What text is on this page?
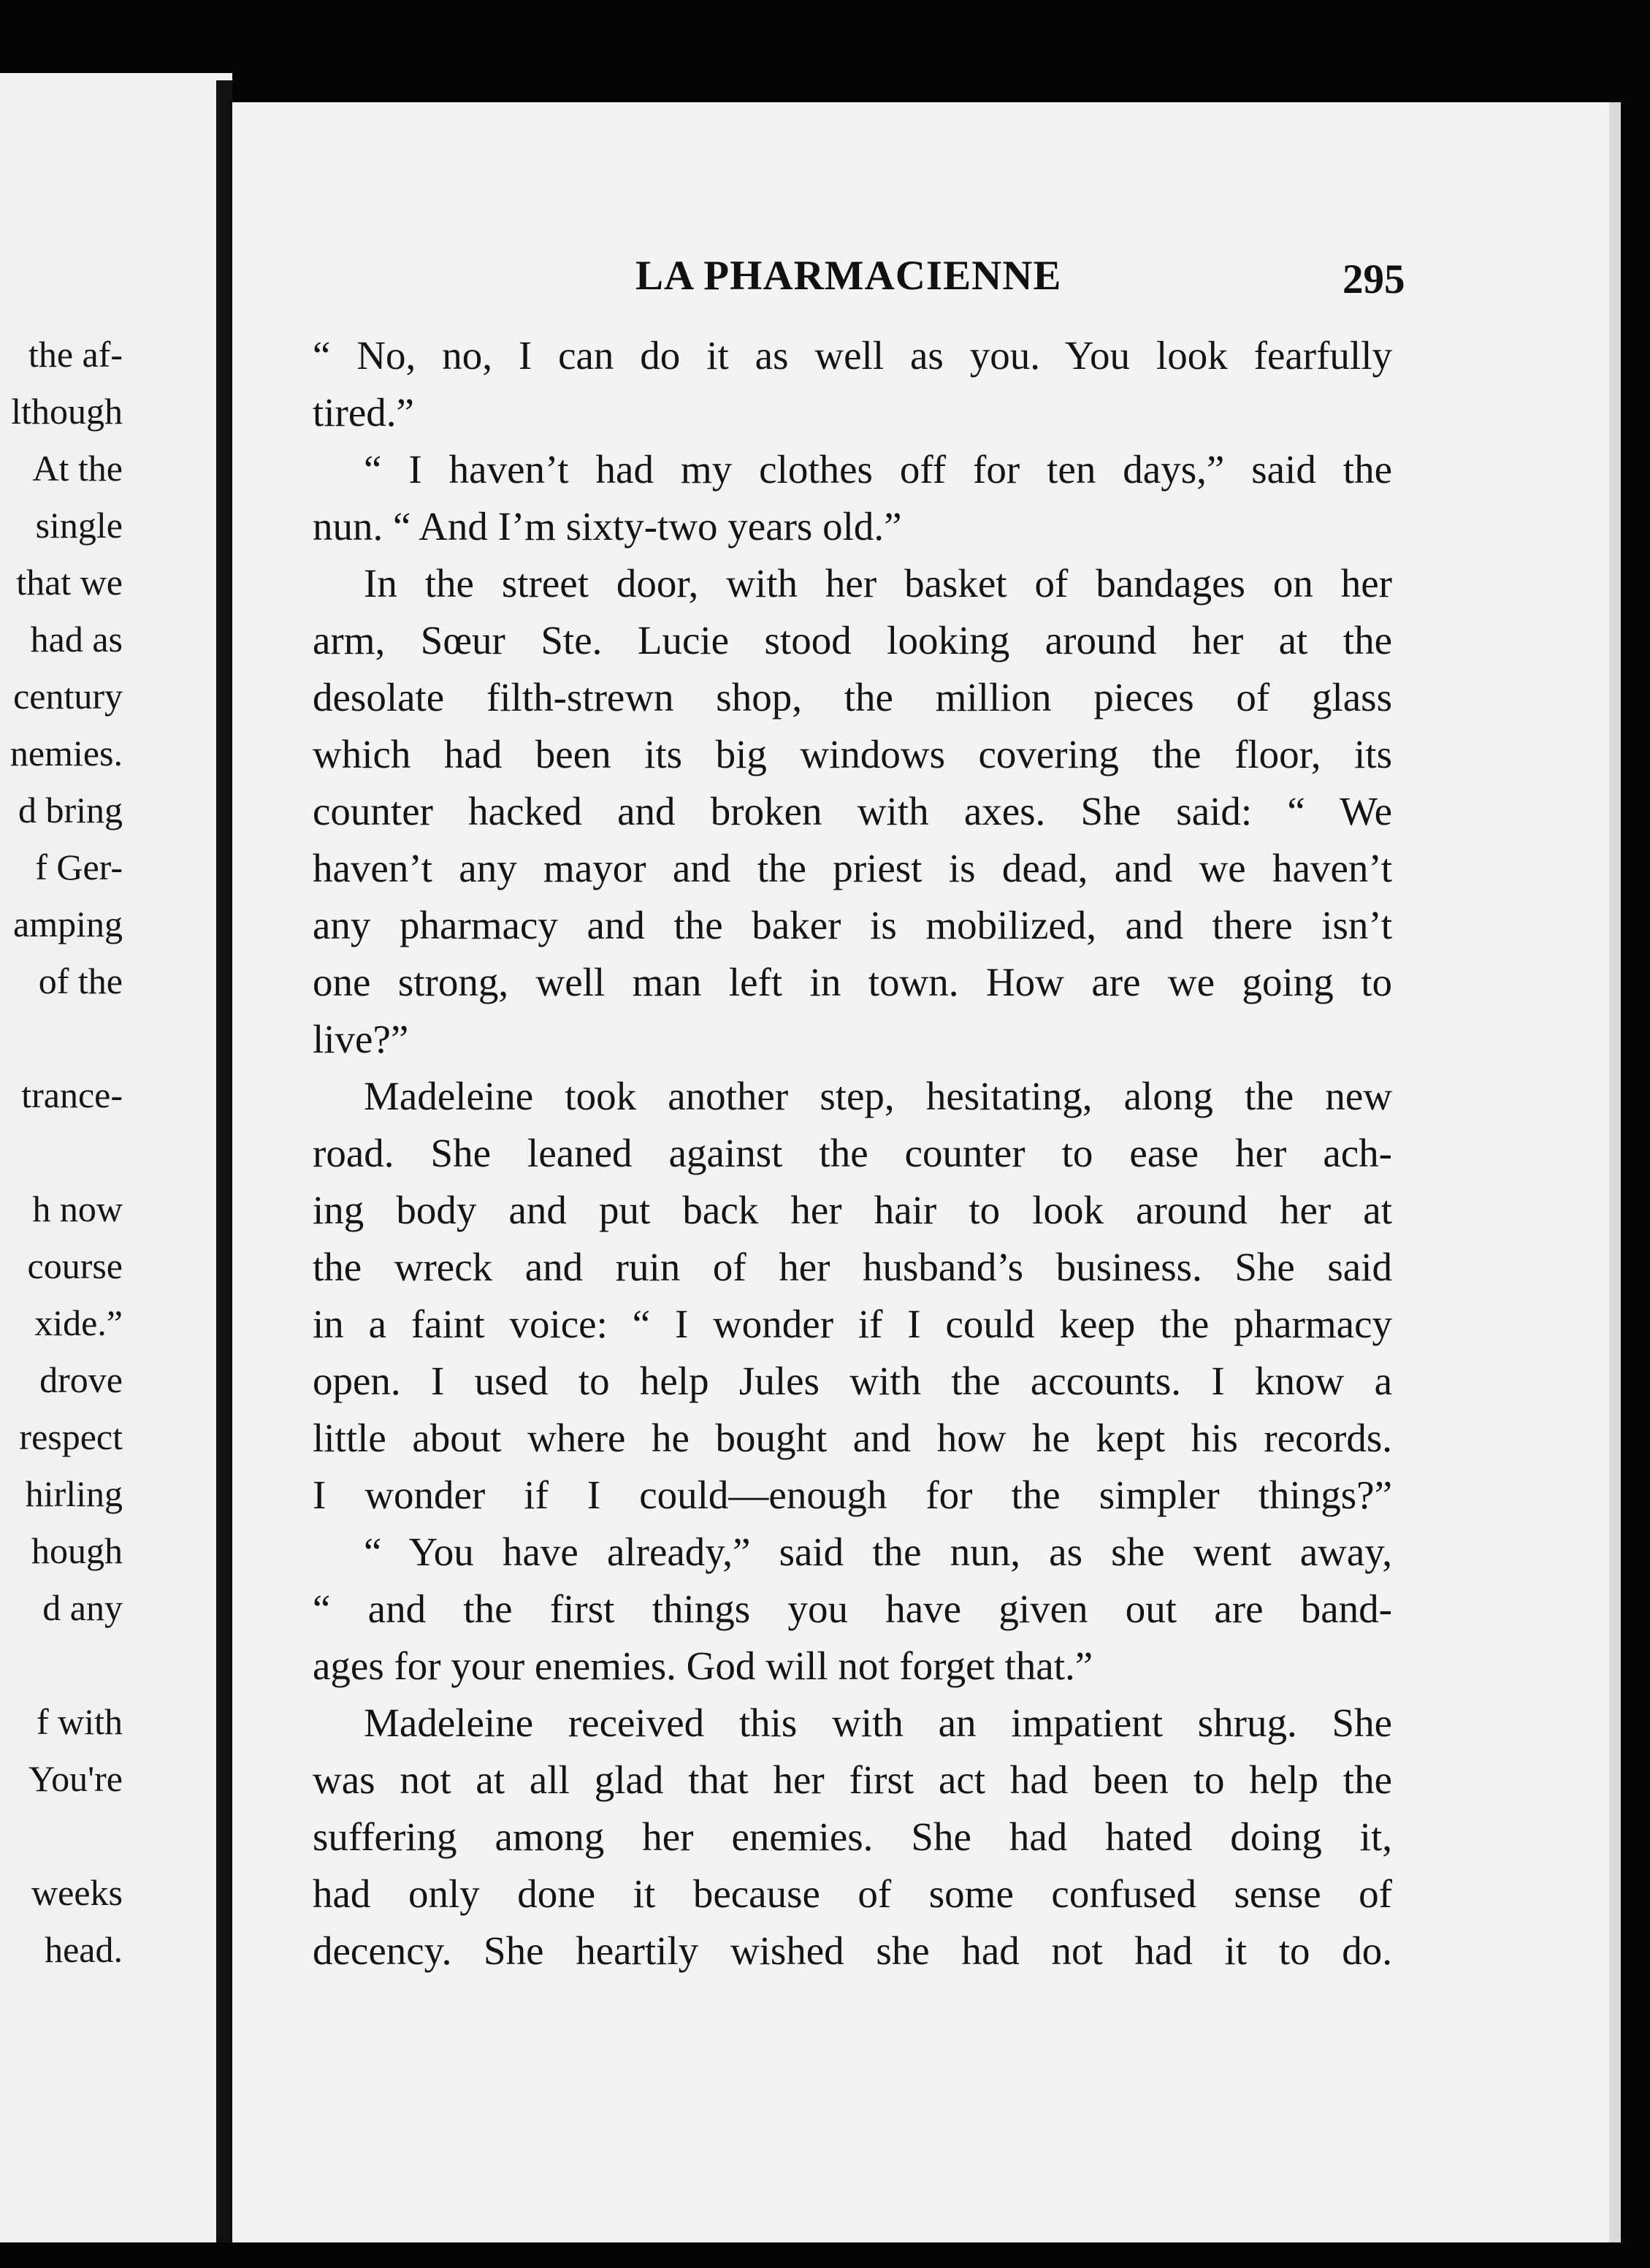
the af-
lthough
At the
single
that we
had as
century
nemies.
d bring
f Ger-
amping
of the
trance-
h now
course
xide.”
drove
respect
hirling
hough
d any
f with
You're
weeks
head.
LA PHARMACIENNE	295
“ No, no, I can do it as well as you. You look fearfully
tired.”
“ I haven’t had my clothes off for ten days,” said the
nun. “ And I’m sixty-two years old.”
In the street door, with her basket of bandages on her
arm, Sœur Ste. Lucie stood looking around her at the
desolate filth-strewn shop, the million pieces of glass
which had been its big windows covering the floor, its
counter hacked and broken with axes. She said: “ We
haven’t any mayor and the priest is dead, and we haven’t
any pharmacy and the baker is mobilized, and there isn’t
one strong, well man left in town. How are we going to
live?”
Madeleine took another step, hesitating, along the new
road. She leaned against the counter to ease her ach-
ing body and put back her hair to look around her at
the wreck and ruin of her husband’s business. She said
in a faint voice: “ I wonder if I could keep the pharmacy
open. I used to help Jules with the accounts. I know a
little about where he bought and how he kept his records.
I wonder if I could—enough for the simpler things?”
“ You have already,” said the nun, as she went away,
“ and the first things you have given out are band-
ages for your enemies. God will not forget that.”
Madeleine received this with an impatient shrug. She
was not at all glad that her first act had been to help the
suffering among her enemies. She had hated doing it,
had only done it because of some confused sense of
decency. She heartily wished she had not had it to do.
